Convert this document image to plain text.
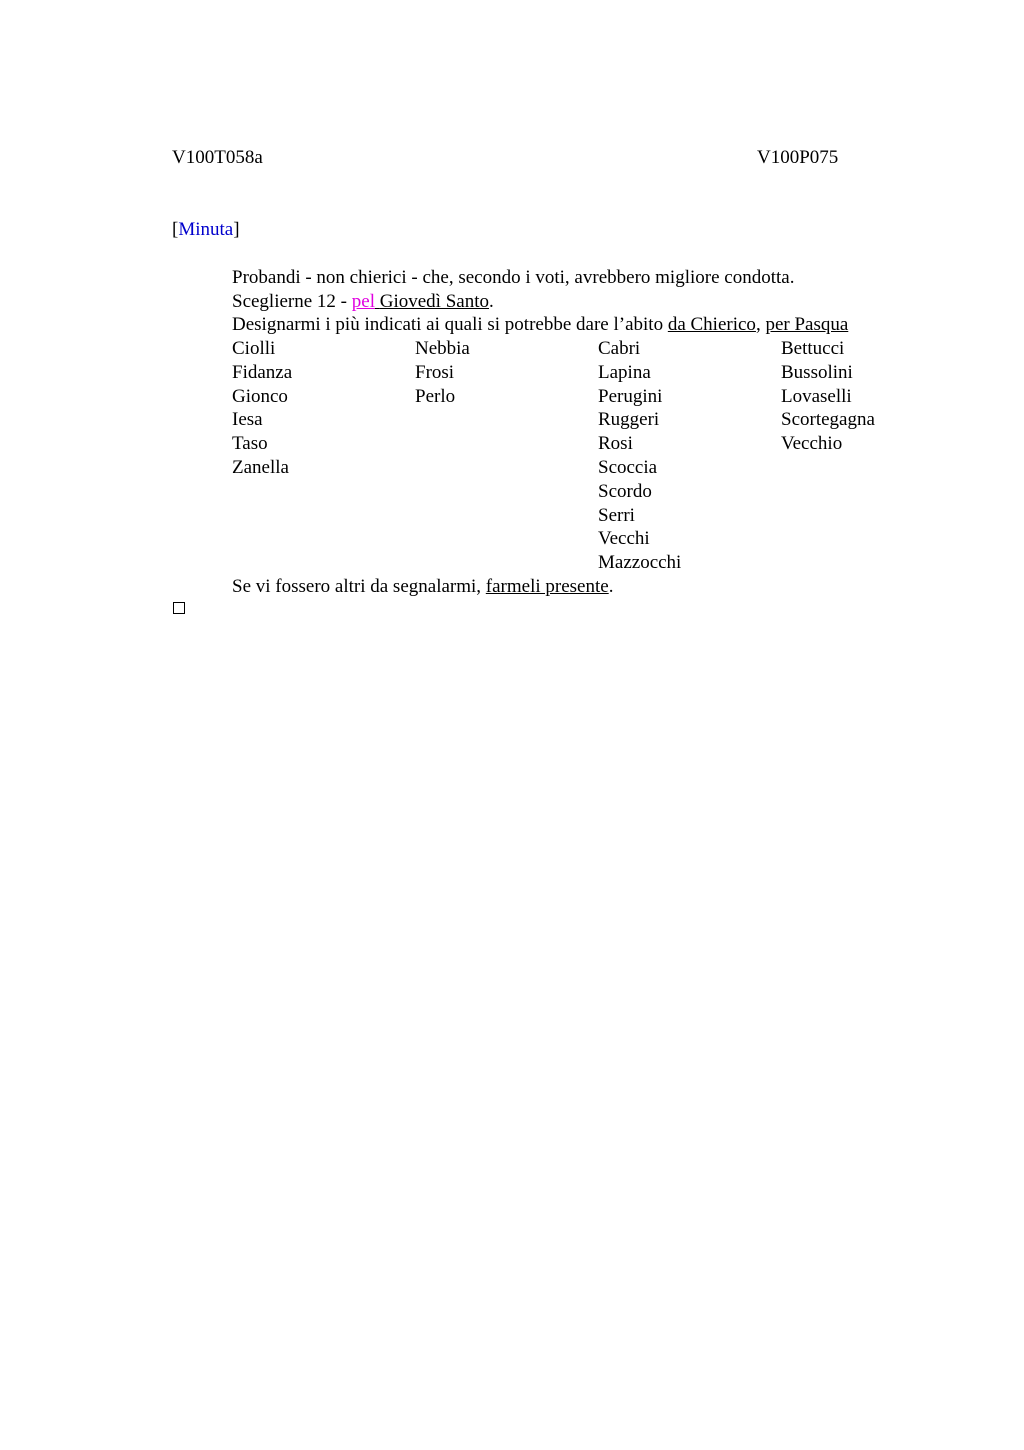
V100T058a	V100P075
[Minuta]
Probandi - non chierici - che, secondo i voti, avrebbero migliore condotta.
Sceglierne 12 - pel Giovedì Santo.
Designarmi i più indicati ai quali si potrebbe dare l’abito da Chierico, per Pasqua
Ciolli
Fidanza
Gionco
Iesa
Taso
Zanella
Nebbia
Frosi
Perlo
Cabri
Lapina
Perugini
Ruggeri
Rosi
Scoccia
Scordo
Serri
Vecchi
Mazzocchi
Bettucci
Bussolini
Lovaselli
Scortegagna
Vecchio
Se vi fossero altri da segnalarmi, farmeli presente.
